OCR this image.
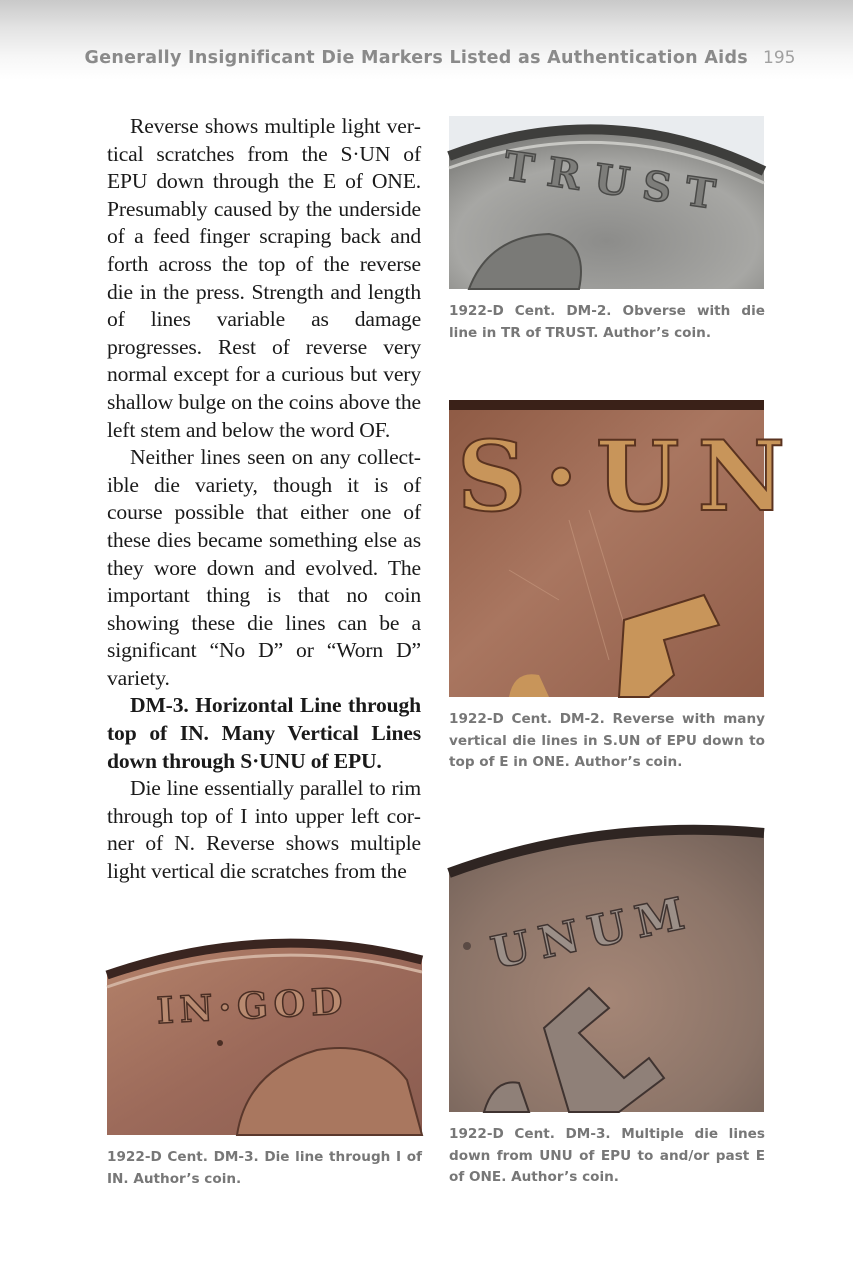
Generally Insignificant Die Markers Listed as Authentication Aids 195

Reverse shows multiple light vertical scratches from the S·UN of EPU down through the E of ONE. Presumably caused by the underside of a feed finger scraping back and forth across the top of the reverse die in the press. Strength and length of lines variable as damage progresses. Rest of reverse very normal except for a curious but very shallow bulge on the coins above the left stem and below the word OF.

Neither lines seen on any collectible die variety, though it is of course possible that either one of these dies became something else as they wore down and evolved. The important thing is that no coin showing these die lines can be a significant “No D” or “Worn D” variety.

DM-3. Horizontal Line through top of IN. Many Vertical Lines down through S·UNU of EPU.

Die line essentially parallel to rim through top of I into upper left corner of N. Reverse shows multiple light vertical die scratches from the

TRUST
1922-D Cent. DM-2. Obverse with die line in TR of TRUST. Author’s coin.
S·UN
1922-D Cent. DM-2. Reverse with many vertical die lines in S.UN of EPU down to top of E in ONE. Author’s coin.
UNUM
1922-D Cent. DM-3. Multiple die lines down from UNU of EPU to and/or past E of ONE. Author’s coin.
IN·GOD
1922-D Cent. DM-3. Die line through I of IN. Author’s coin.
